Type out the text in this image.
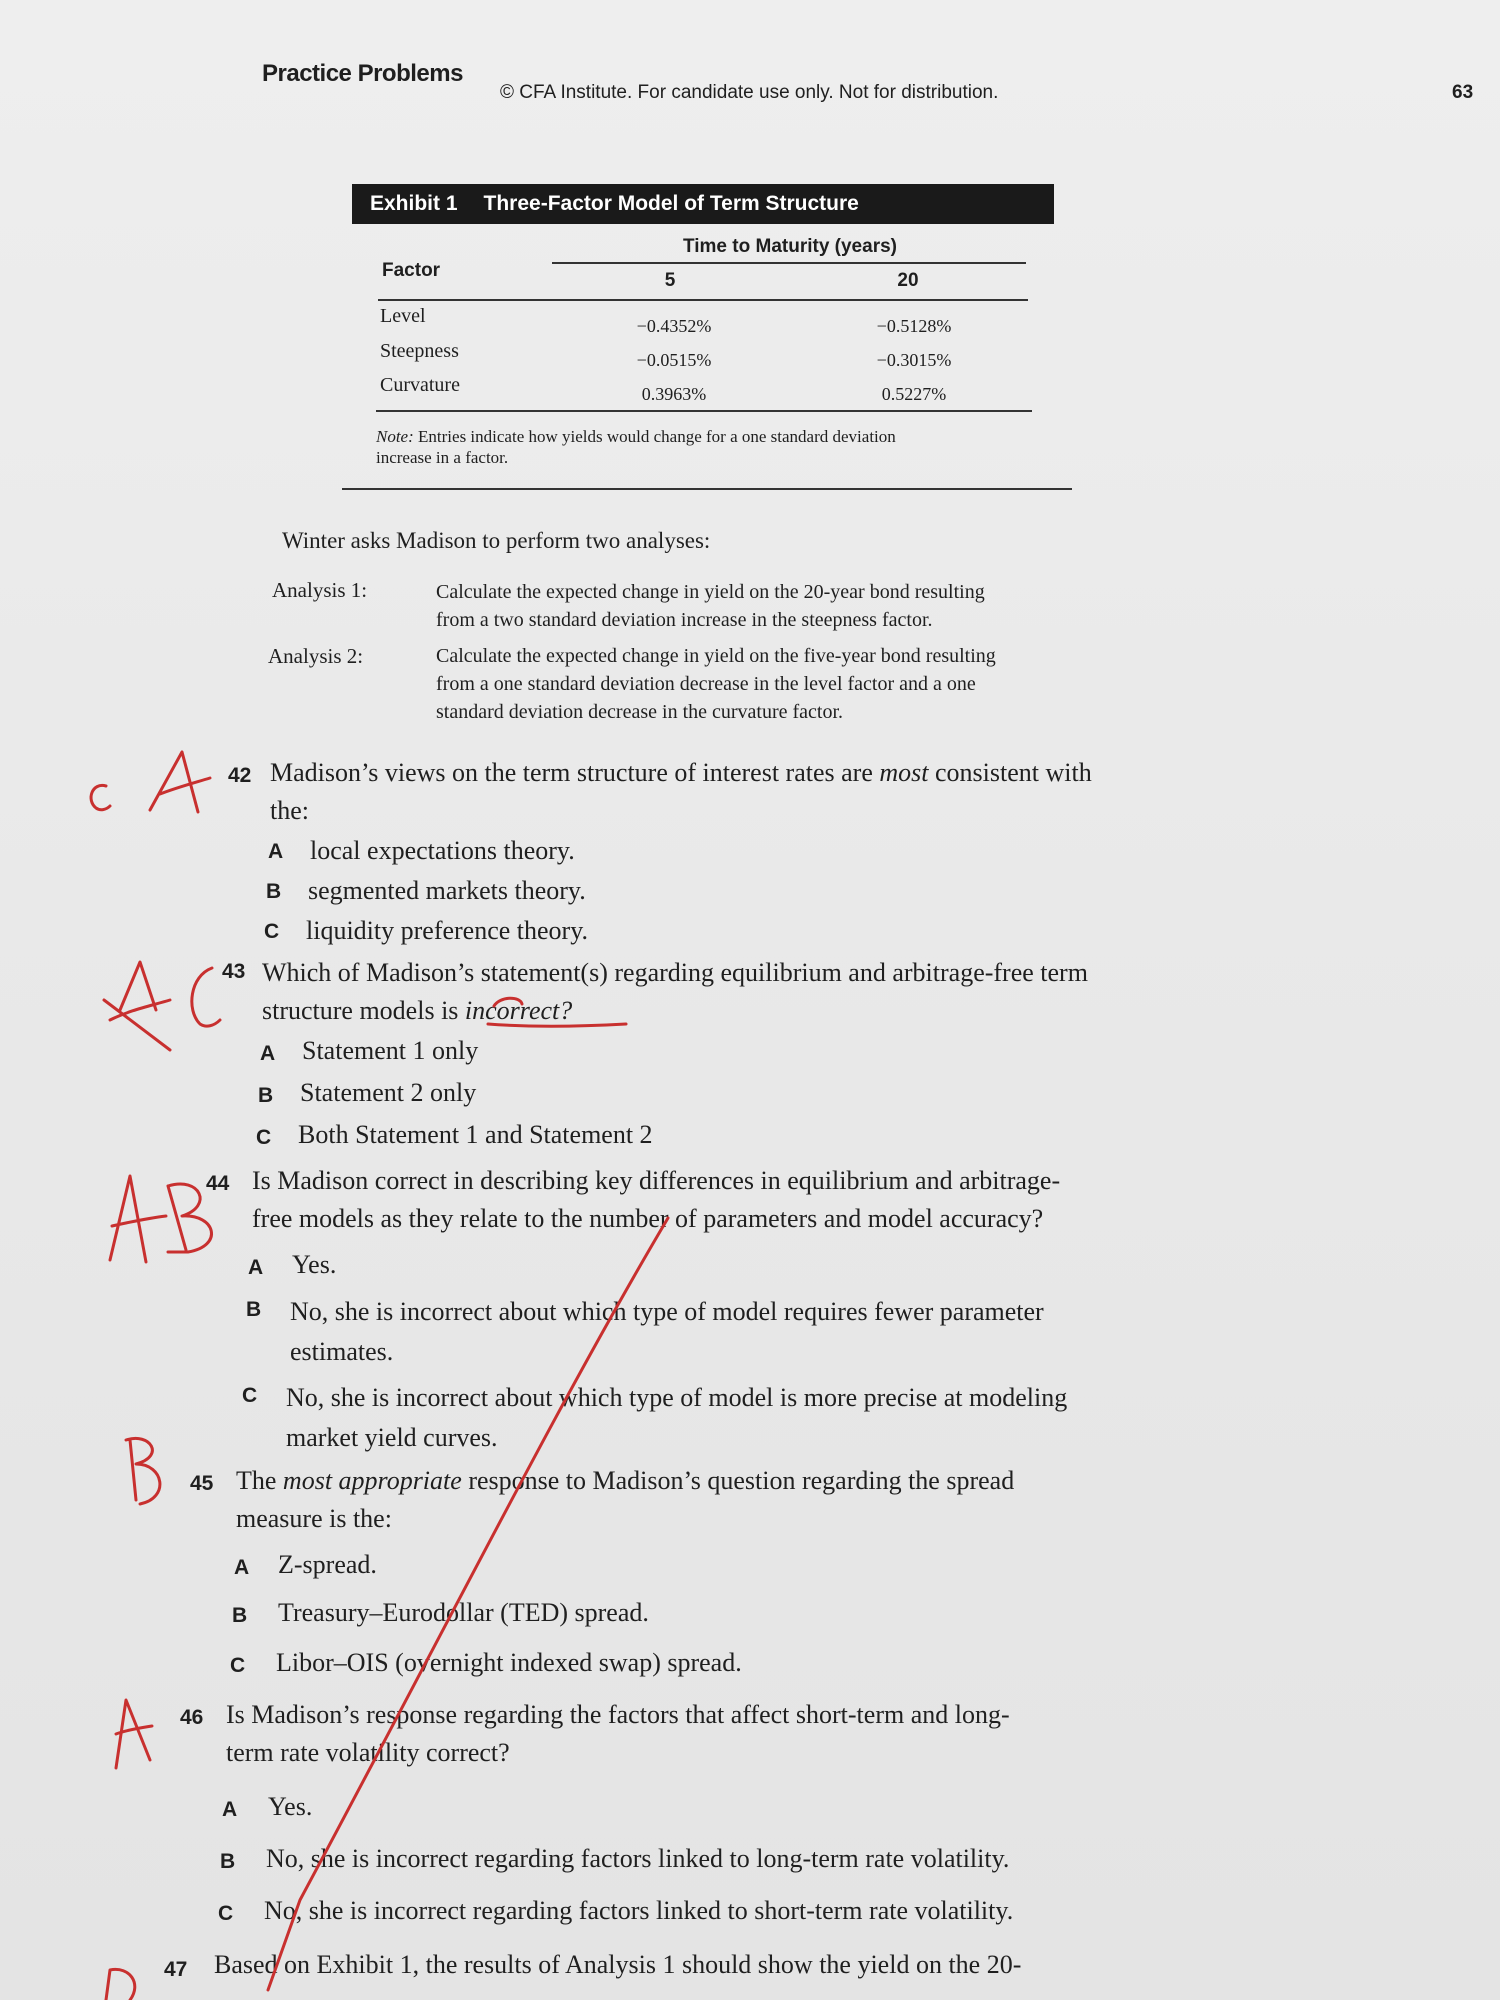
Practice Problems
© CFA Institute. For candidate use only. Not for distribution.	63
Exhibit 1 Three-Factor Model of Term Structure
Time to Maturity (years)
Factor	5	20
Level	−0.4352%	−0.5128%
Steepness	−0.0515%	−0.3015%
Curvature	0.3963%	0.5227%
Note: Entries indicate how yields would change for a one standard deviation
increase in a factor.
Winter asks Madison to perform two analyses:
Analysis 1:	Calculate the expected change in yield on the 20-year bond resulting
from a two standard deviation increase in the steepness factor.
Analysis 2:	Calculate the expected change in yield on the five-year bond resulting
from a one standard deviation decrease in the level factor and a one
standard deviation decrease in the curvature factor.
42 Madison’s views on the term structure of interest rates are most consistent with
the:
A local expectations theory.
B segmented markets theory.
C liquidity preference theory.
43 Which of Madison’s statement(s) regarding equilibrium and arbitrage-free term
structure models is incorrect?
A Statement 1 only
B Statement 2 only
C Both Statement 1 and Statement 2
44 Is Madison correct in describing key differences in equilibrium and arbitrage-
free models as they relate to the number of parameters and model accuracy?
A Yes.
B No, she is incorrect about which type of model requires fewer parameter
estimates.
C No, she is incorrect about which type of model is more precise at modeling
market yield curves.
45 The most appropriate response to Madison’s question regarding the spread
measure is the:
A Z-spread.
B Treasury–Eurodollar (TED) spread.
C Libor–OIS (overnight indexed swap) spread.
46 Is Madison’s response regarding the factors that affect short-term and long-
term rate volatility correct?
A Yes.
B No, she is incorrect regarding factors linked to long-term rate volatility.
C No, she is incorrect regarding factors linked to short-term rate volatility.
47 Based on Exhibit 1, the results of Analysis 1 should show the yield on the 20-
